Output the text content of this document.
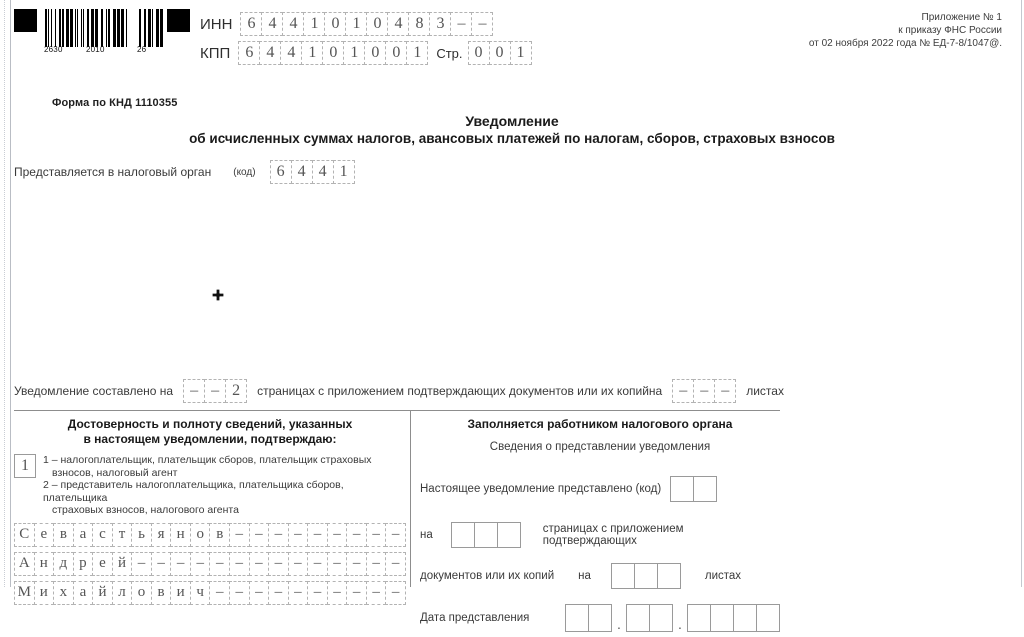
2630	2010	26
ИНН 6 4 4 1 0 1 0 4 8 3 – –
КПП 6 4 4 1 0 1 0 0 1	Стр. 0 0 1
Приложение № 1
к приказу ФНС России
от 02 ноября 2022 года № ЕД-7-8/1047@.
Форма по КНД 1110355
Уведомление
об исчисленных суммах налогов, авансовых платежей по налогам, сборов, страховых взносов
Представляется в налоговый орган (код)	6 4 4 1
Уведомление составлено на	– – 2	страницах с приложением подтверждающих документов или их копий на	– – –	листах
Достоверность и полноту сведений, указанных
в настоящем уведомлении, подтверждаю:
1	1 – налогоплательщик, плательщик сборов, плательщик страховых
взносов, налоговый агент
2 – представитель налогоплательщика, плательщика сборов, плательщика
страховых взносов, налогового агента
С е в а с т ь я н о в – – – – – – – – –
А н д р е й – – – – – – – – – – – – – –
М и х а й л о в и ч – – – – – – – – – –
Заполняется работником налогового органа
Сведения о представлении уведомления
Настоящее уведомление представлено (код)
на	страницах с приложением подтверждающих
документов или их копий на	листах
Дата представления	.	.
